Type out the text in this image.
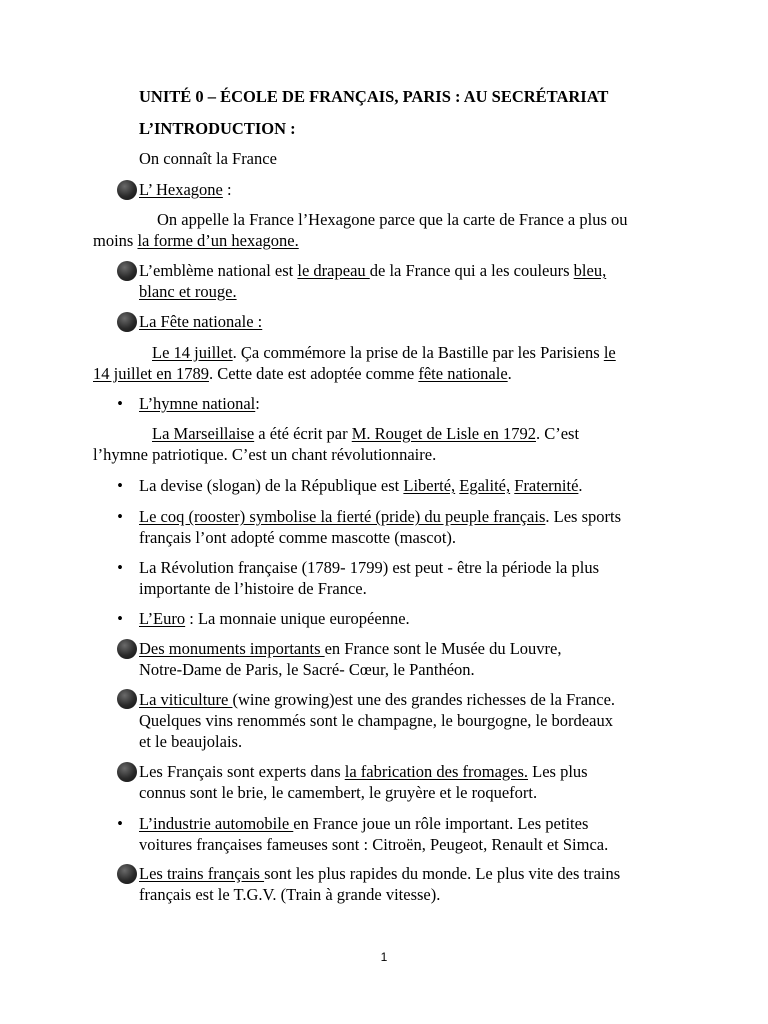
UNITÉ 0 – ÉCOLE DE FRANÇAIS, PARIS : AU SECRÉTARIAT
L’INTRODUCTION :
On connaît la France
L’ Hexagone :
On appelle la France l’Hexagone parce que la carte de France a plus ou
moins la forme d’un hexagone.
L’emblème national est le drapeau de la France qui a les couleurs bleu,
blanc et rouge.
La Fête nationale :
Le 14 juillet. Ça commémore la prise de la Bastille par les Parisiens le
14 juillet en 1789. Cette date est adoptée comme fête nationale.
• L’hymne national:
La Marseillaise a été écrit par M. Rouget de Lisle en 1792. C’est
l’hymne patriotique. C’est un chant révolutionnaire.
• La devise (slogan) de la République est Liberté, Egalité, Fraternité.
• Le coq (rooster) symbolise la fierté (pride) du peuple français. Les sports
français l’ont adopté comme mascotte (mascot).
• La Révolution française (1789- 1799) est peut - être la période la plus
importante de l’histoire de France.
• L’Euro : La monnaie unique européenne.
Des monuments importants en France sont le Musée du Louvre,
Notre-Dame de Paris, le Sacré- Cœur, le Panthéon.
La viticulture (wine growing)est une des grandes richesses de la France.
Quelques vins renommés sont le champagne, le bourgogne, le bordeaux
et le beaujolais.
Les Français sont experts dans la fabrication des fromages. Les plus
connus sont le brie, le camembert, le gruyère et le roquefort.
• L’industrie automobile en France joue un rôle important. Les petites
voitures françaises fameuses sont : Citroën, Peugeot, Renault et Simca.
Les trains français sont les plus rapides du monde. Le plus vite des trains
français est le T.G.V. (Train à grande vitesse).
1
